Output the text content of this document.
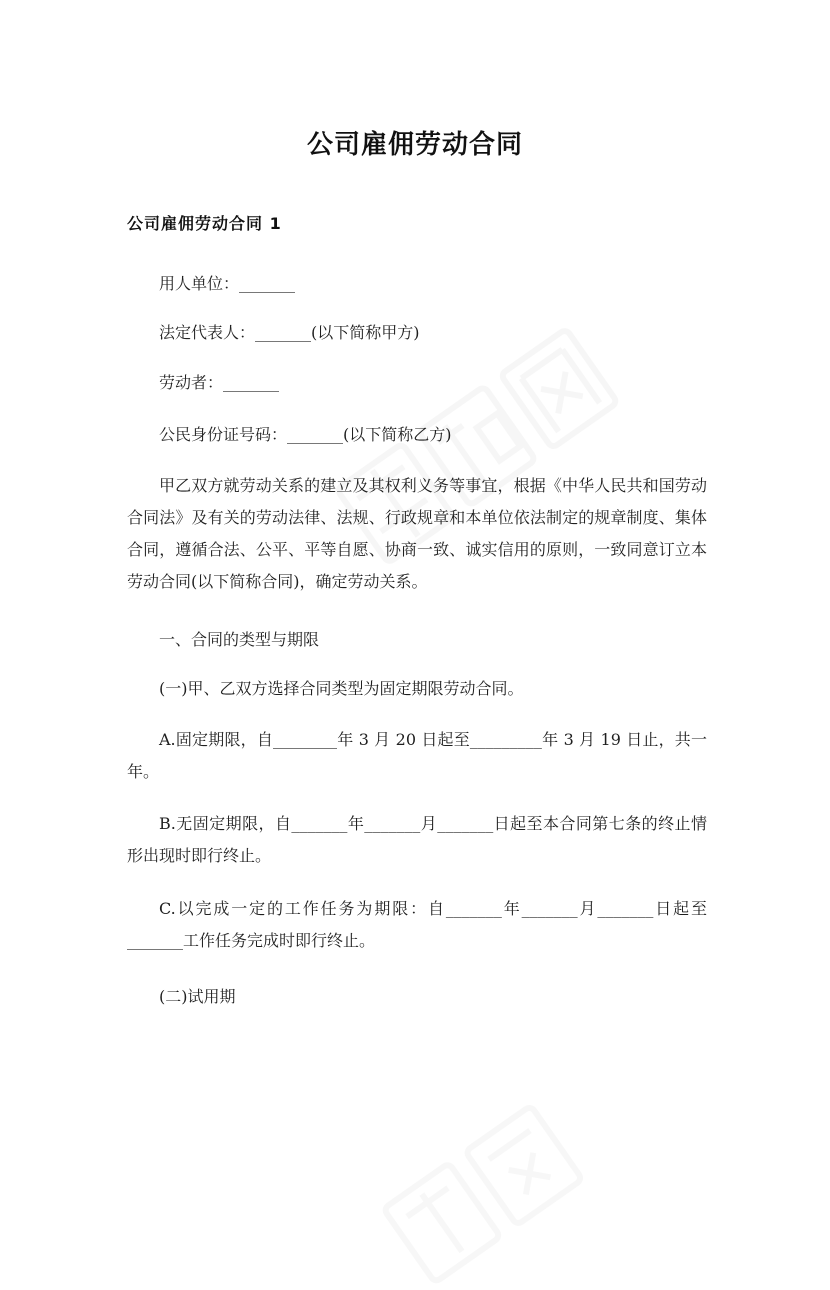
公司雇佣劳动合同
公司雇佣劳动合同 1
用人单位：_______
法定代表人：_______(以下简称甲方)
劳动者：_______
公民身份证号码：_______(以下简称乙方)
甲乙双方就劳动关系的建立及其权利义务等事宜，根据《中华人民共和国劳动合同法》及有关的劳动法律、法规、行政规章和本单位依法制定的规章制度、集体合同，遵循合法、公平、平等自愿、协商一致、诚实信用的原则，一致同意订立本劳动合同(以下简称合同)，确定劳动关系。
一、合同的类型与期限
(一)甲、乙双方选择合同类型为固定期限劳动合同。
A.固定期限，自________年 3 月 20 日起至_________年 3 月 19 日止，共一年。
B.无固定期限，自_______年_______月_______日起至本合同第七条的终止情形出现时即行终止。
C.以完成一定的工作任务为期限：自_______年_______月_______日起至_______工作任务完成时即行终止。
(二)试用期
